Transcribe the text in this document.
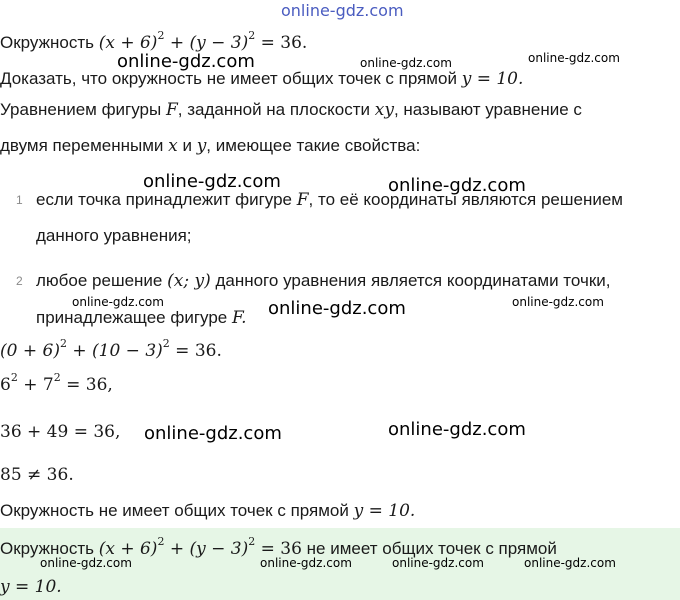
online-gdz.com
online-gdz.com	online-gdz.com	online-gdz.com
Окружность $(x + 6)^2 + (y - 3)^2 = 36$.
Доказать, что окружность не имеет общих точек с прямой y = 10.
Уравнением фигуры F, заданной на плоскости xy, называют уравнение с
двумя переменными x и y, имеющее такие свойства:
online-gdz.com	online-gdz.com
1 если точка принадлежит фигуре F, то её координаты являются решением
данного уравнения;
2 любое решение (x; y) данного уравнения является координатами точки,
принадлежащее фигуре F.
online-gdz.com	online-gdz.com	online-gdz.com
$(0 + 6)^2 + (10 - 3)^2 = 36$.
$6^2 + 7^2 = 36$,
36 + 49 = 36, online-gdz.com	online-gdz.com
85 ≠ 36.
Окружность не имеет общих точек с прямой y = 10.
Окружность $(x + 6)^2 + (y - 3)^2 = 36$ не имеет общих точек с прямой
y = 10.
online-gdz.com	online-gdz.com	online-gdz.com	online-gdz.com
